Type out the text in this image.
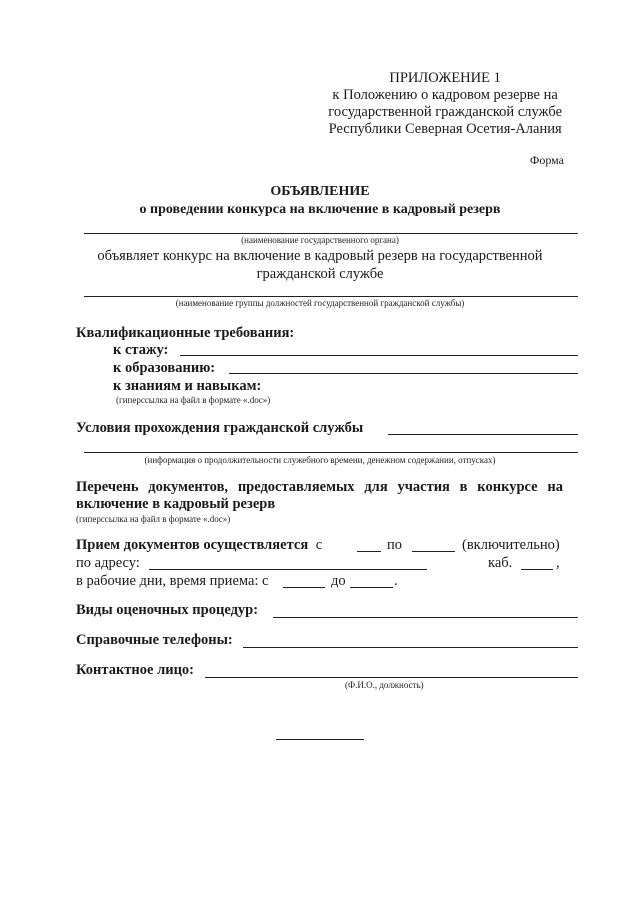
ПРИЛОЖЕНИЕ 1
к Положению о кадровом резерве на
государственной гражданской службе
Республики Северная Осетия-Алания
Форма
ОБЪЯВЛЕНИЕ
о проведении конкурса на включение в кадровый резерв
(наименование государственного органа)
объявляет конкурс на включение в кадровый резерв на государственной
гражданской службе
(наименование группы должностей государственной гражданской службы)
Квалификационные требования:
к стажу:
к образованию:
к знаниям и навыкам:
(гиперссылка на файл в формате «.doc»)
Условия прохождения гражданской службы
(информация о продолжительности служебного времени, денежном содержании, отпусках)
Перечень документов, предоставляемых для участия в конкурсе на
включение в кадровый резерв
(гиперссылка на файл в формате «.doc»)
Прием документов осуществляется с	по	(включительно)
по адресу:	каб.	,
в рабочие дни, время приема: с	до	.
Виды оценочных процедур:
Справочные телефоны:
Контактное лицо:
(Ф.И.О., должность)
